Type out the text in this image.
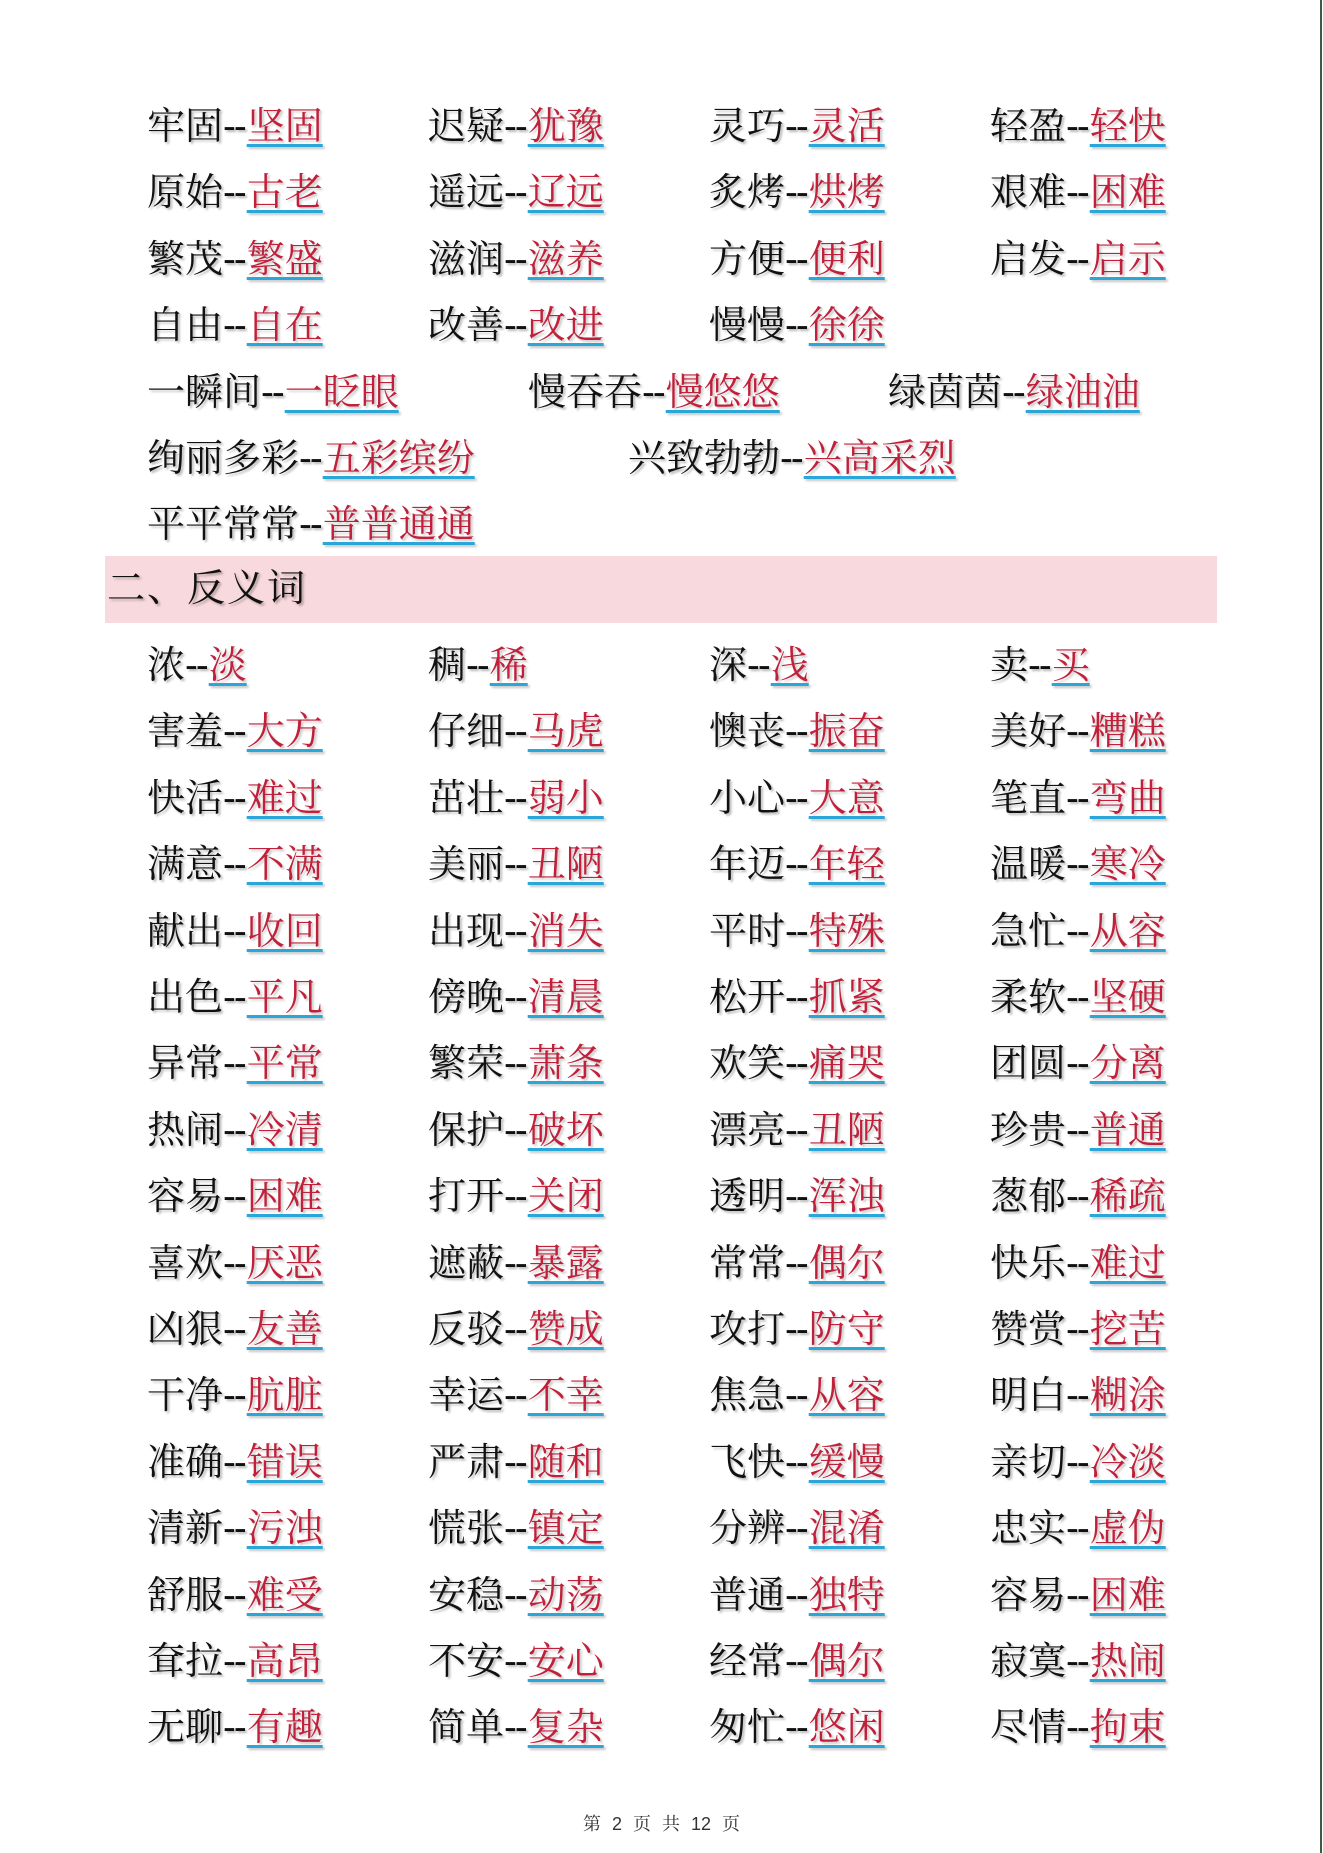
牢固--坚固	迟疑--犹豫	灵巧--灵活	轻盈--轻快
原始--古老	遥远--辽远	炙烤--烘烤	艰难--困难
繁茂--繁盛	滋润--滋养	方便--便利	启发--启示
自由--自在	改善--改进	慢慢--徐徐
一瞬间--一眨眼	慢吞吞--慢悠悠	绿茵茵--绿油油
绚丽多彩--五彩缤纷	兴致勃勃--兴高采烈
平平常常--普普通通
二、反义词
浓--淡	稠--稀	深--浅	卖--买
害羞--大方	仔细--马虎	懊丧--振奋	美好--糟糕
快活--难过	茁壮--弱小	小心--大意	笔直--弯曲
满意--不满	美丽--丑陋	年迈--年轻	温暖--寒冷
献出--收回	出现--消失	平时--特殊	急忙--从容
出色--平凡	傍晚--清晨	松开--抓紧	柔软--坚硬
异常--平常	繁荣--萧条	欢笑--痛哭	团圆--分离
热闹--冷清	保护--破坏	漂亮--丑陋	珍贵--普通
容易--困难	打开--关闭	透明--浑浊	葱郁--稀疏
喜欢--厌恶	遮蔽--暴露	常常--偶尔	快乐--难过
凶狠--友善	反驳--赞成	攻打--防守	赞赏--挖苦
干净--肮脏	幸运--不幸	焦急--从容	明白--糊涂
准确--错误	严肃--随和	飞快--缓慢	亲切--冷淡
清新--污浊	慌张--镇定	分辨--混淆	忠实--虚伪
舒服--难受	安稳--动荡	普通--独特	容易--困难
耷拉--高昂	不安--安心	经常--偶尔	寂寞--热闹
无聊--有趣	简单--复杂	匆忙--悠闲	尽情--拘束
第 2 页 共 12 页
